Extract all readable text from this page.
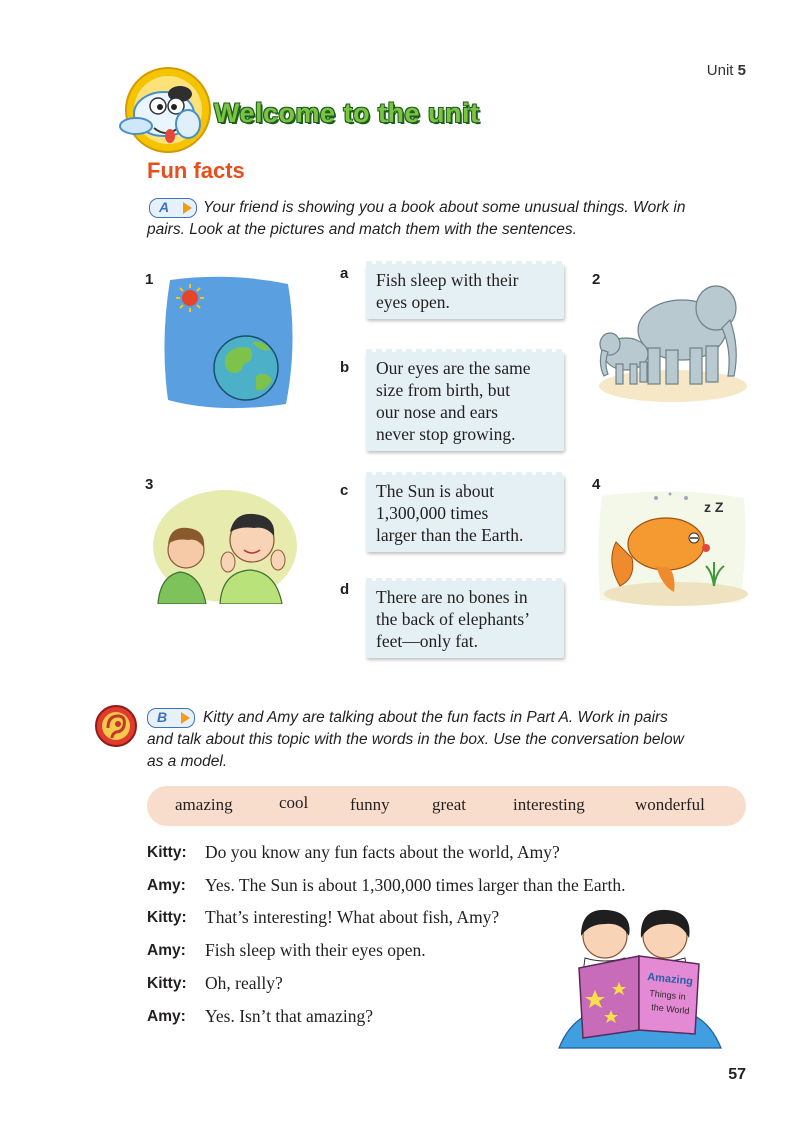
Unit 5
Welcome to the unit
Fun facts
A Your friend is showing you a book about some unusual things. Work in
pairs. Look at the pictures and match them with the sentences.
1	2
3	4
z Z
a
b
c
d
Fish sleep with their
eyes open.
Our eyes are the same
size from birth, but
our nose and ears
never stop growing.
The Sun is about
1,300,000 times
larger than the Earth.
There are no bones in
the back of elephants’
feet—only fat.
B Kitty and Amy are talking about the fun facts in Part A. Work in pairs
and talk about this topic with the words in the box. Use the conversation below
as a model.
amazing	cool funny great	interesting	wonderful
Kitty: Do you know any fun facts about the world, Amy?
Amy: Yes. The Sun is about 1,300,000 times larger than the Earth.
Kitty: That’s interesting! What about fish, Amy?
Amy: Fish sleep with their eyes open.
Kitty: Oh, really?
Amy: Yes. Isn’t that amazing?
Amazing
Things in
the World
57
